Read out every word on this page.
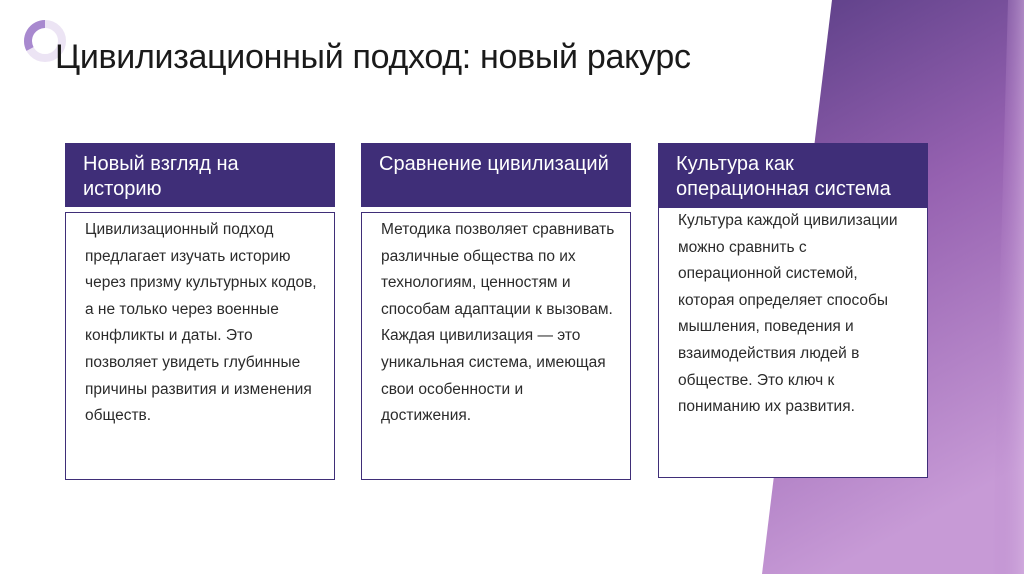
Цивилизационный подход: новый ракурс
Новый взгляд на историю
Цивилизационный подход предлагает изучать историю через призму культурных кодов, а не только через военные конфликты и даты. Это позволяет увидеть глубинные причины развития и изменения обществ.
Сравнение цивилизаций
Методика позволяет сравнивать различные общества по их технологиям, ценностям и способам адаптации к вызовам. Каждая цивилизация — это уникальная система, имеющая свои особенности и достижения.
Культура как операционная система
Культура каждой цивилизации можно сравнить с операционной системой, которая определяет способы мышления, поведения и взаимодействия людей в обществе. Это ключ к пониманию их развития.
